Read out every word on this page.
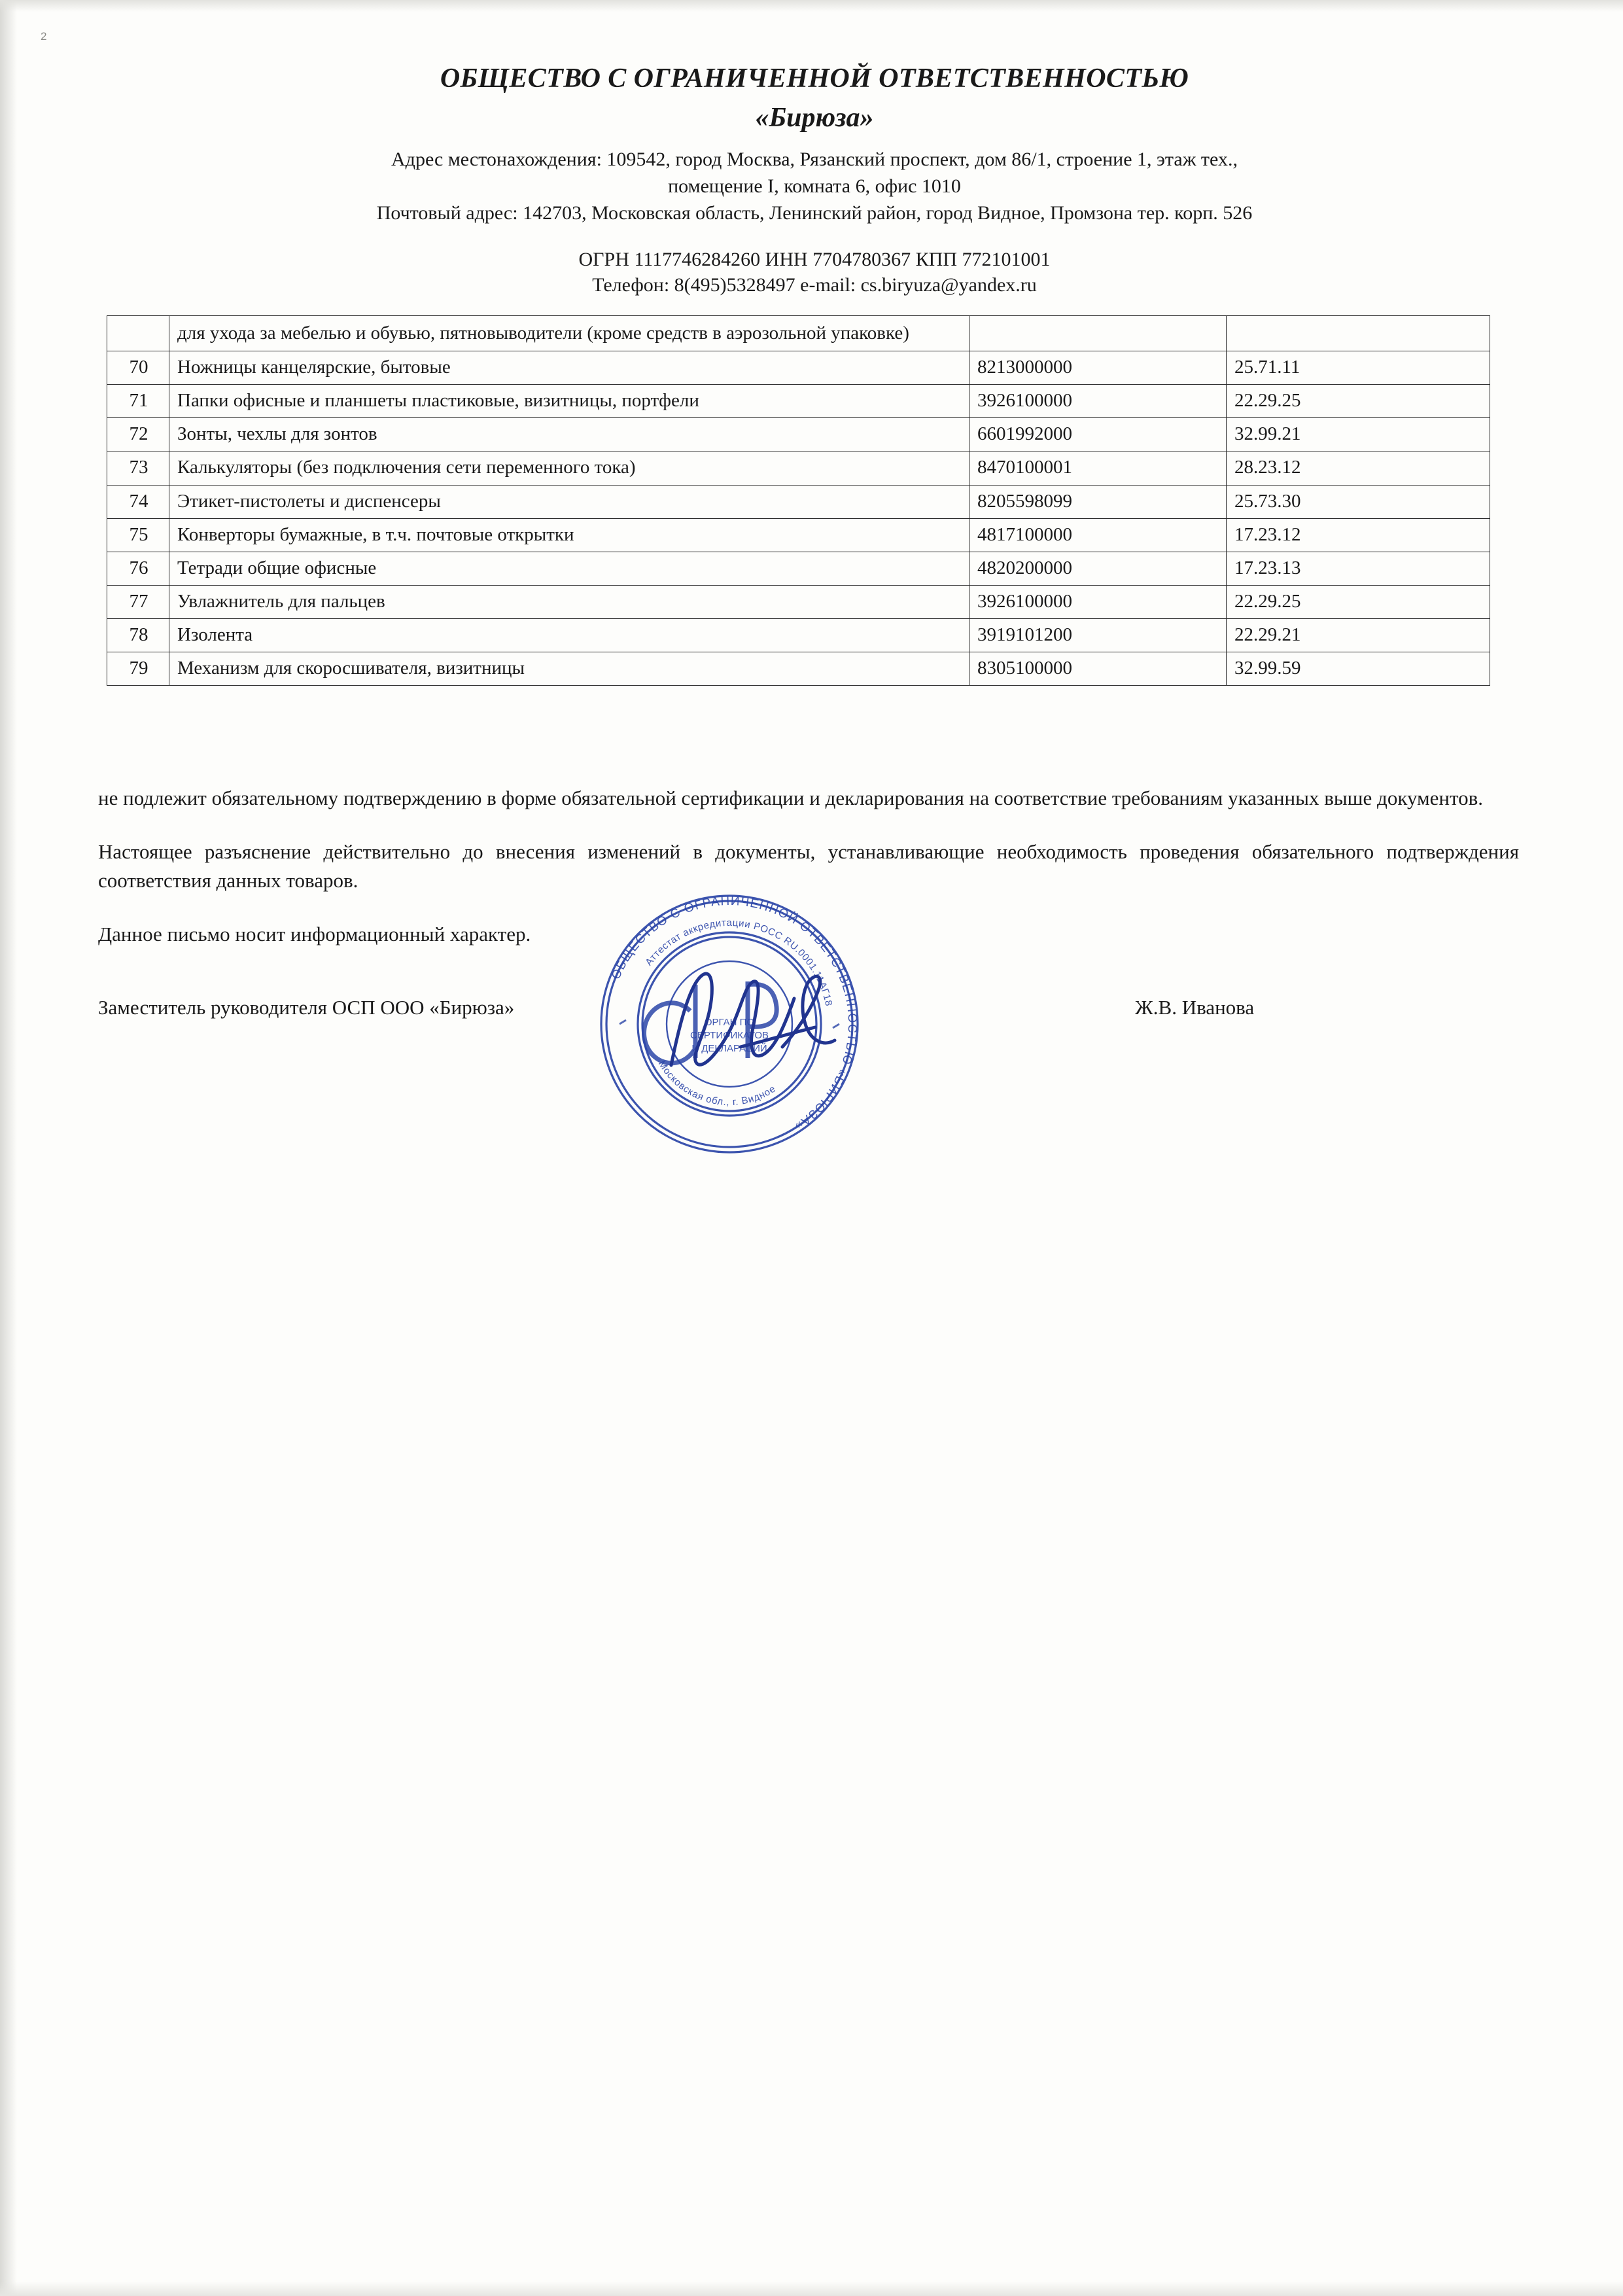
2
ОБЩЕСТВО С ОГРАНИЧЕННОЙ ОТВЕТСТВЕННОСТЬЮ
«Бирюза»
Адрес местонахождения: 109542, город Москва, Рязанский проспект, дом 86/1, строение 1, этаж тех.,
помещение I, комната 6, офис 1010
Почтовый адрес: 142703, Московская область, Ленинский район, город Видное, Промзона тер. корп. 526
ОГРН 1117746284260 ИНН 7704780367 КПП 772101001
Телефон: 8(495)5328497 e-mail: cs.biryuza@yandex.ru
	для ухода за мебелью и обувью, пятновыводители (кроме средств в аэрозольной упаковке)		
70	Ножницы канцелярские, бытовые	8213000000	25.71.11
71	Папки офисные и планшеты пластиковые, визитницы, портфели	3926100000	22.29.25
72	Зонты, чехлы для зонтов	6601992000	32.99.21
73	Калькуляторы (без подключения сети переменного тока)	8470100001	28.23.12
74	Этикет-пистолеты и диспенсеры	8205598099	25.73.30
75	Конверторы бумажные, в т.ч. почтовые открытки	4817100000	17.23.12
76	Тетради общие офисные	4820200000	17.23.13
77	Увлажнитель для пальцев	3926100000	22.29.25
78	Изолента	3919101200	22.29.21
79	Механизм для скоросшивателя, визитницы	8305100000	32.99.59

не подлежит обязательному подтверждению в форме обязательной сертификации и декларирования на соответствие требованиям указанных выше документов.

Настоящее разъяснение действительно до внесения изменений в документы, устанавливающие необходимость проведения обязательного подтверждения соответствия данных товаров.

Данное письмо носит информационный характер.

Заместитель руководителя ОСП ООО «Бирюза»	Ж.В. Иванова
ОБЩЕСТВО С ОГРАНИЧЕННОЙ ОТВЕТСТВЕННОСТЬЮ «БИРЮЗА»
Аттестат аккредитации РОСС RU.0001.11АГ18
Московская обл., г. Видное
ОРГАН ПО
СЕРТИФИКАТОВ
И ДЕКЛАРАЦИЙ
